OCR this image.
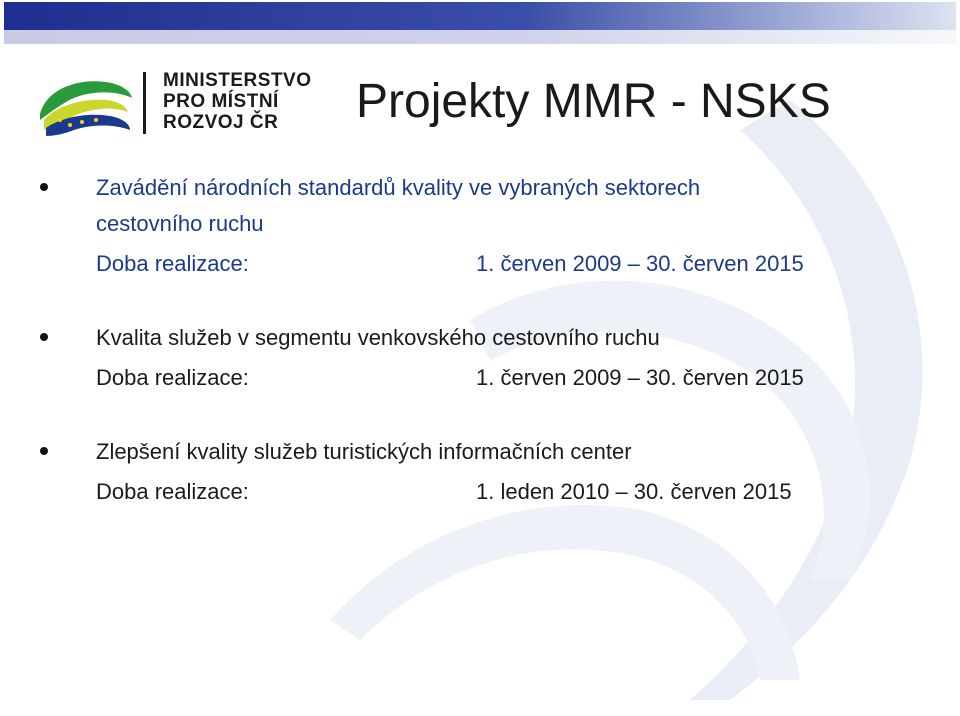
MINISTERSTVO
PRO MÍSTNÍ
ROZVOJ ČR	Projekty MMR - NSKS
Zavádění národních standardů kvality ve vybraných sektorech
cestovního ruchu
Doba realizace:	1. červen 2009 – 30. červen 2015
Kvalita služeb v segmentu venkovského cestovního ruchu
Doba realizace:	1. červen 2009 – 30. červen 2015
Zlepšení kvality služeb turistických informačních center
Doba realizace:	1. leden 2010 – 30. červen 2015
